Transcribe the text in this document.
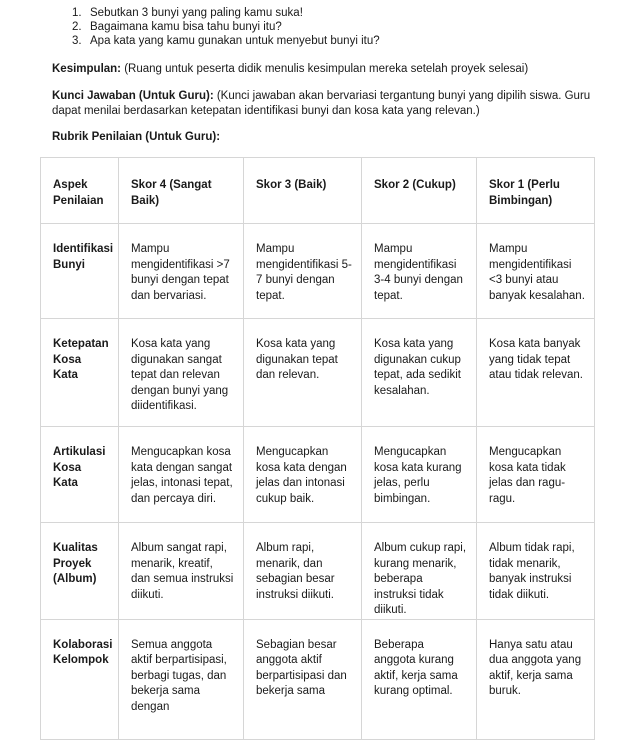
1. Sebutkan 3 bunyi yang paling kamu suka!
2. Bagaimana kamu bisa tahu bunyi itu?
3. Apa kata yang kamu gunakan untuk menyebut bunyi itu?
Kesimpulan: (Ruang untuk peserta didik menulis kesimpulan mereka setelah proyek selesai)
Kunci Jawaban (Untuk Guru): (Kunci jawaban akan bervariasi tergantung bunyi yang dipilih siswa. Guru dapat menilai berdasarkan ketepatan identifikasi bunyi dan kosa kata yang relevan.)
Rubrik Penilaian (Untuk Guru):
Aspek Penilaian	Skor 4 (Sangat Baik)	Skor 3 (Baik)	Skor 2 (Cukup)	Skor 1 (Perlu Bimbingan)
Identifikasi Bunyi	Mampu mengidentifikasi >7 bunyi dengan tepat dan bervariasi.	Mampu mengidentifikasi 5-7 bunyi dengan tepat.	Mampu mengidentifikasi 3-4 bunyi dengan tepat.	Mampu mengidentifikasi <3 bunyi atau banyak kesalahan.
Ketepatan Kosa Kata	Kosa kata yang digunakan sangat tepat dan relevan dengan bunyi yang diidentifikasi.	Kosa kata yang digunakan tepat dan relevan.	Kosa kata yang digunakan cukup tepat, ada sedikit kesalahan.	Kosa kata banyak yang tidak tepat atau tidak relevan.
Artikulasi Kosa Kata	Mengucapkan kosa kata dengan sangat jelas, intonasi tepat, dan percaya diri.	Mengucapkan kosa kata dengan jelas dan intonasi cukup baik.	Mengucapkan kosa kata kurang jelas, perlu bimbingan.	Mengucapkan kosa kata tidak jelas dan ragu-ragu.
Kualitas Proyek (Album)	Album sangat rapi, menarik, kreatif, dan semua instruksi diikuti.	Album rapi, menarik, dan sebagian besar instruksi diikuti.	Album cukup rapi, kurang menarik, beberapa instruksi tidak diikuti.	Album tidak rapi, tidak menarik, banyak instruksi tidak diikuti.
Kolaborasi Kelompok	Semua anggota aktif berpartisipasi, berbagi tugas, dan bekerja sama dengan	Sebagian besar anggota aktif berpartisipasi dan bekerja sama	Beberapa anggota kurang aktif, kerja sama kurang optimal.	Hanya satu atau dua anggota yang aktif, kerja sama buruk.
